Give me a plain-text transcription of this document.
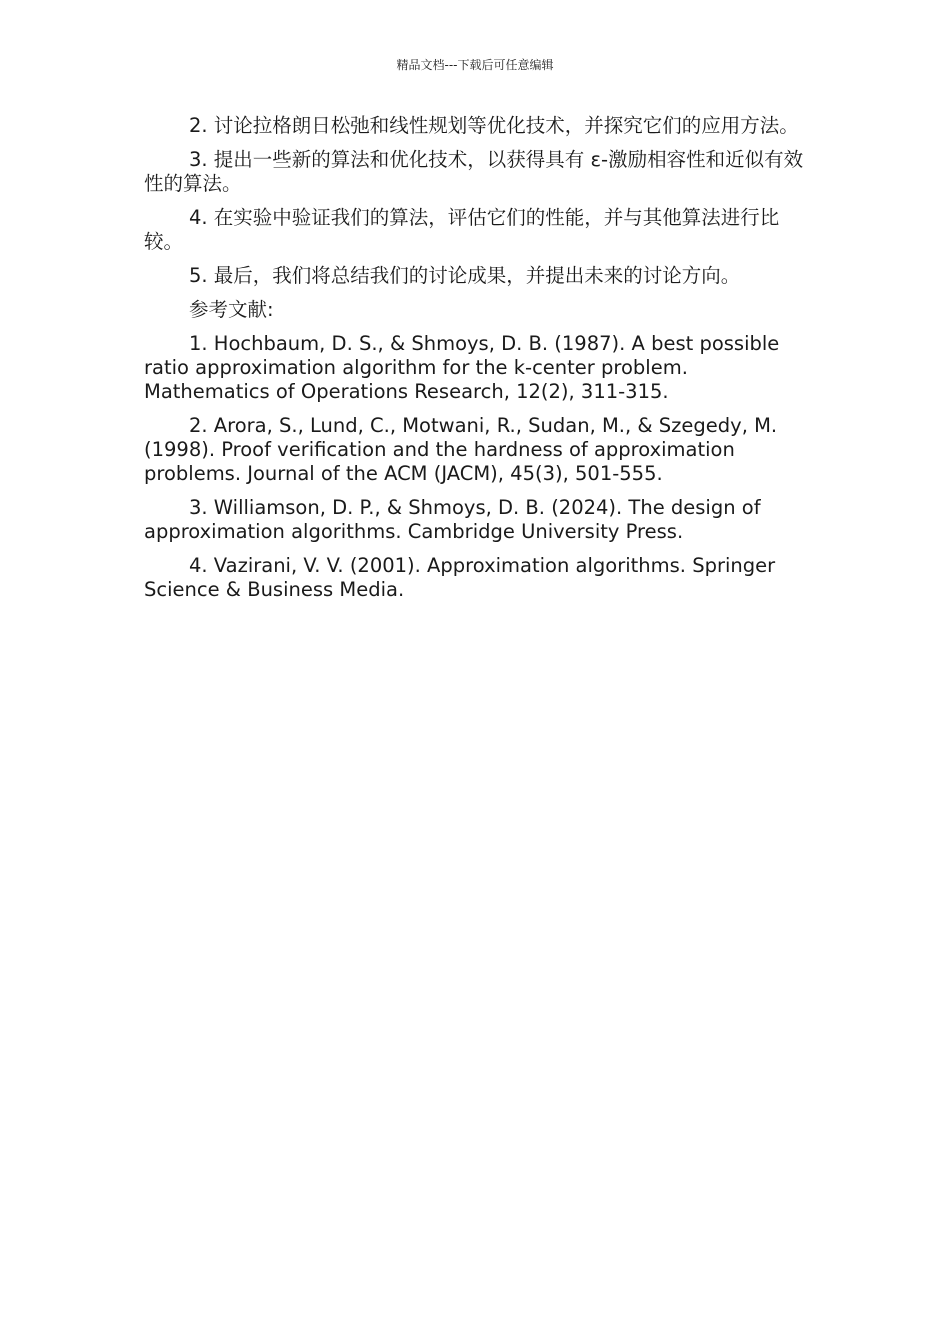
精品文档---下载后可任意编辑

2. 讨论拉格朗日松弛和线性规划等优化技术，并探究它们的应用方法。

3. 提出一些新的算法和优化技术，以获得具有 ε-激励相容性和近似有效性的算法。

4. 在实验中验证我们的算法，评估它们的性能，并与其他算法进行比较。

5. 最后，我们将总结我们的讨论成果，并提出未来的讨论方向。

参考文献:

1. Hochbaum, D. S., & Shmoys, D. B. (1987). A best possible ratio approximation algorithm for the k-center problem. Mathematics of Operations Research, 12(2), 311-315.

2. Arora, S., Lund, C., Motwani, R., Sudan, M., & Szegedy, M. (1998). Proof verification and the hardness of approximation problems. Journal of the ACM (JACM), 45(3), 501-555.

3. Williamson, D. P., & Shmoys, D. B. (2024). The design of approximation algorithms. Cambridge University Press.

4. Vazirani, V. V. (2001). Approximation algorithms. Springer Science & Business Media.
